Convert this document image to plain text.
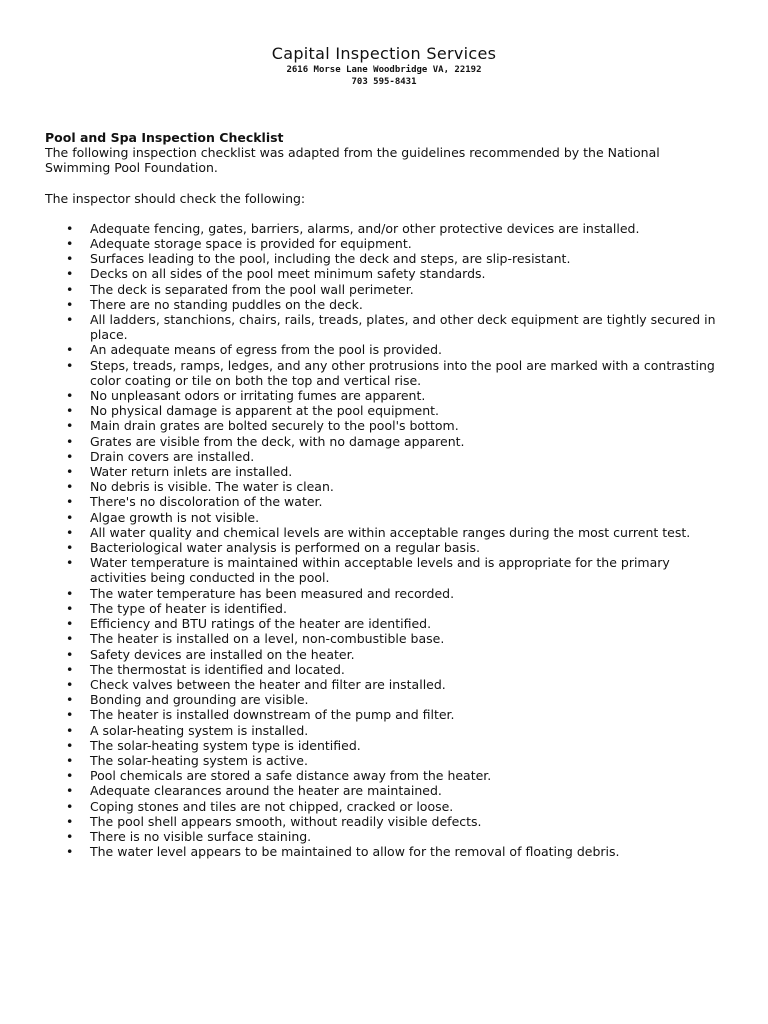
Capital Inspection Services
2616 Morse Lane Woodbridge VA, 22192
703 595-8431

Pool and Spa Inspection Checklist

The following inspection checklist was adapted from the guidelines recommended by the National Swimming Pool Foundation.

The inspector should check the following:

• Adequate fencing, gates, barriers, alarms, and/or other protective devices are installed.
• Adequate storage space is provided for equipment.
• Surfaces leading to the pool, including the deck and steps, are slip-resistant.
• Decks on all sides of the pool meet minimum safety standards.
• The deck is separated from the pool wall perimeter.
• There are no standing puddles on the deck.
• All ladders, stanchions, chairs, rails, treads, plates, and other deck equipment are tightly secured in place.
• An adequate means of egress from the pool is provided.
• Steps, treads, ramps, ledges, and any other protrusions into the pool are marked with a contrasting color coating or tile on both the top and vertical rise.
• No unpleasant odors or irritating fumes are apparent.
• No physical damage is apparent at the pool equipment.
• Main drain grates are bolted securely to the pool's bottom.
• Grates are visible from the deck, with no damage apparent.
• Drain covers are installed.
• Water return inlets are installed.
• No debris is visible. The water is clean.
• There's no discoloration of the water.
• Algae growth is not visible.
• All water quality and chemical levels are within acceptable ranges during the most current test.
• Bacteriological water analysis is performed on a regular basis.
• Water temperature is maintained within acceptable levels and is appropriate for the primary activities being conducted in the pool.
• The water temperature has been measured and recorded.
• The type of heater is identified.
• Efficiency and BTU ratings of the heater are identified.
• The heater is installed on a level, non-combustible base.
• Safety devices are installed on the heater.
• The thermostat is identified and located.
• Check valves between the heater and filter are installed.
• Bonding and grounding are visible.
• The heater is installed downstream of the pump and filter.
• A solar-heating system is installed.
• The solar-heating system type is identified.
• The solar-heating system is active.
• Pool chemicals are stored a safe distance away from the heater.
• Adequate clearances around the heater are maintained.
• Coping stones and tiles are not chipped, cracked or loose.
• The pool shell appears smooth, without readily visible defects.
• There is no visible surface staining.
• The water level appears to be maintained to allow for the removal of floating debris.
